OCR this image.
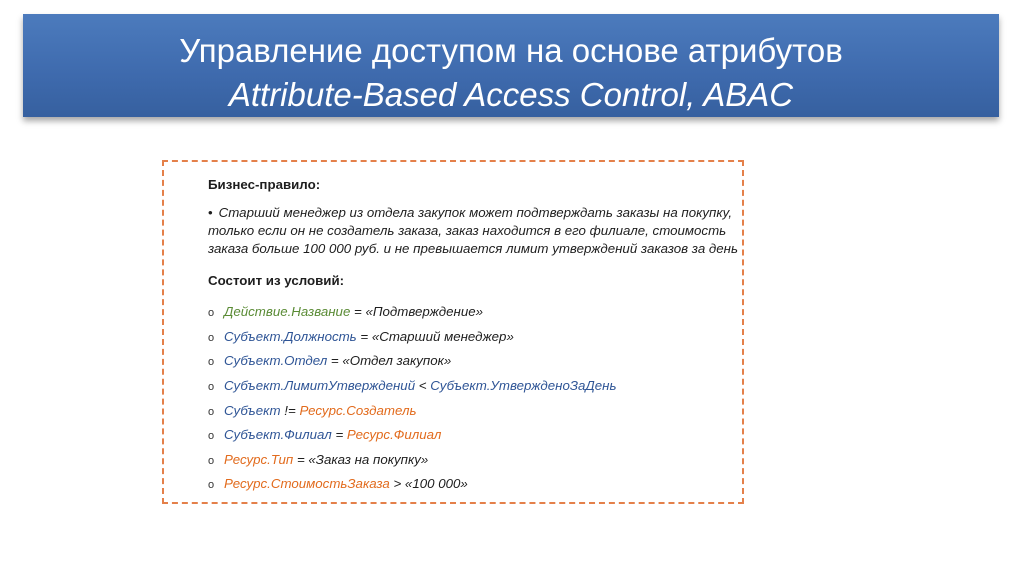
Управление доступом на основе атрибутов
Attribute-Based Access Control, ABAC

Бизнес-правило:

• Старший менеджер из отдела закупок может подтверждать заказы на покупку, только если он не создатель заказа, заказ находится в его филиале, стоимость заказа больше 100 000 руб. и не превышается лимит утверждений заказов за день

Состоит из условий:

o Действие.Название = «Подтверждение»
o Субъект.Должность = «Старший менеджер»
o Субъект.Отдел = «Отдел закупок»
o Субъект.ЛимитУтверждений < Субъект.УтвержденоЗаДень
o Субъект != Ресурс.Создатель
o Субъект.Филиал = Ресурс.Филиал
o Ресурс.Тип = «Заказ на покупку»
o Ресурс.СтоимостьЗаказа > «100 000»
